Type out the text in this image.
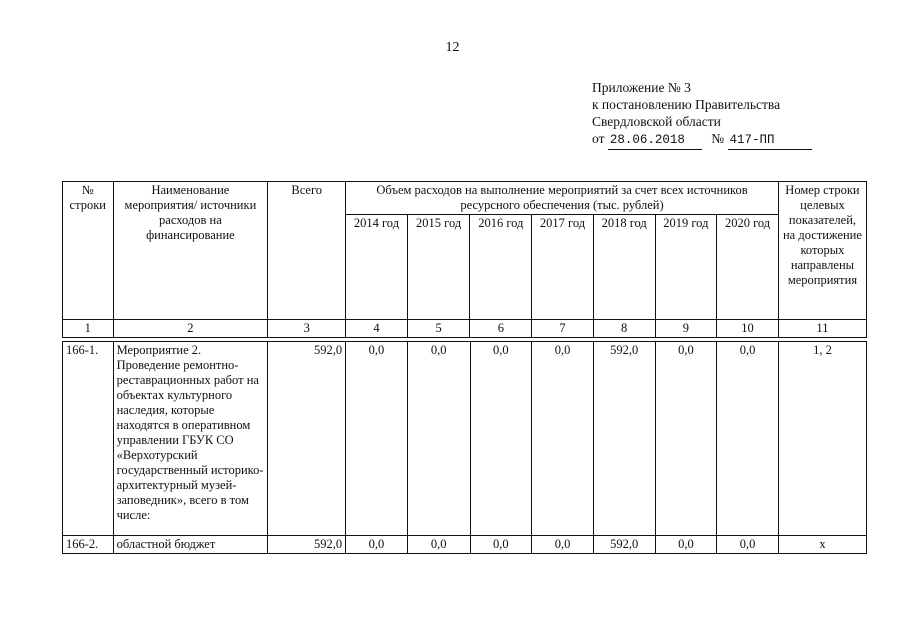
12
Приложение № 3
к постановлению Правительства
Свердловской области
от 28.06.2018 № 417-ПП
№ строки	Наименование мероприятия/ источники расходов на финансирование	Всего	Объем расходов на выполнение мероприятий за счет всех источников ресурсного обеспечения (тыс. рублей)							Номер строки целевых показателей, на достижение которых направлены мероприятия
			2014 год	2015 год	2016 год	2017 год	2018 год	2019 год	2020 год	
1	2	3	4	5	6	7	8	9	10	11
166-1.	Мероприятие 2. Проведение ремонтно-реставрационных работ на объектах культурного наследия, которые находятся в оперативном управлении ГБУК СО «Верхотурский государственный историко-архитектурный музей-заповедник», всего в том числе:	592,0	0,0	0,0	0,0	0,0	592,0	0,0	0,0	1, 2
166-2.	областной бюджет	592,0	0,0	0,0	0,0	0,0	592,0	0,0	0,0	x
